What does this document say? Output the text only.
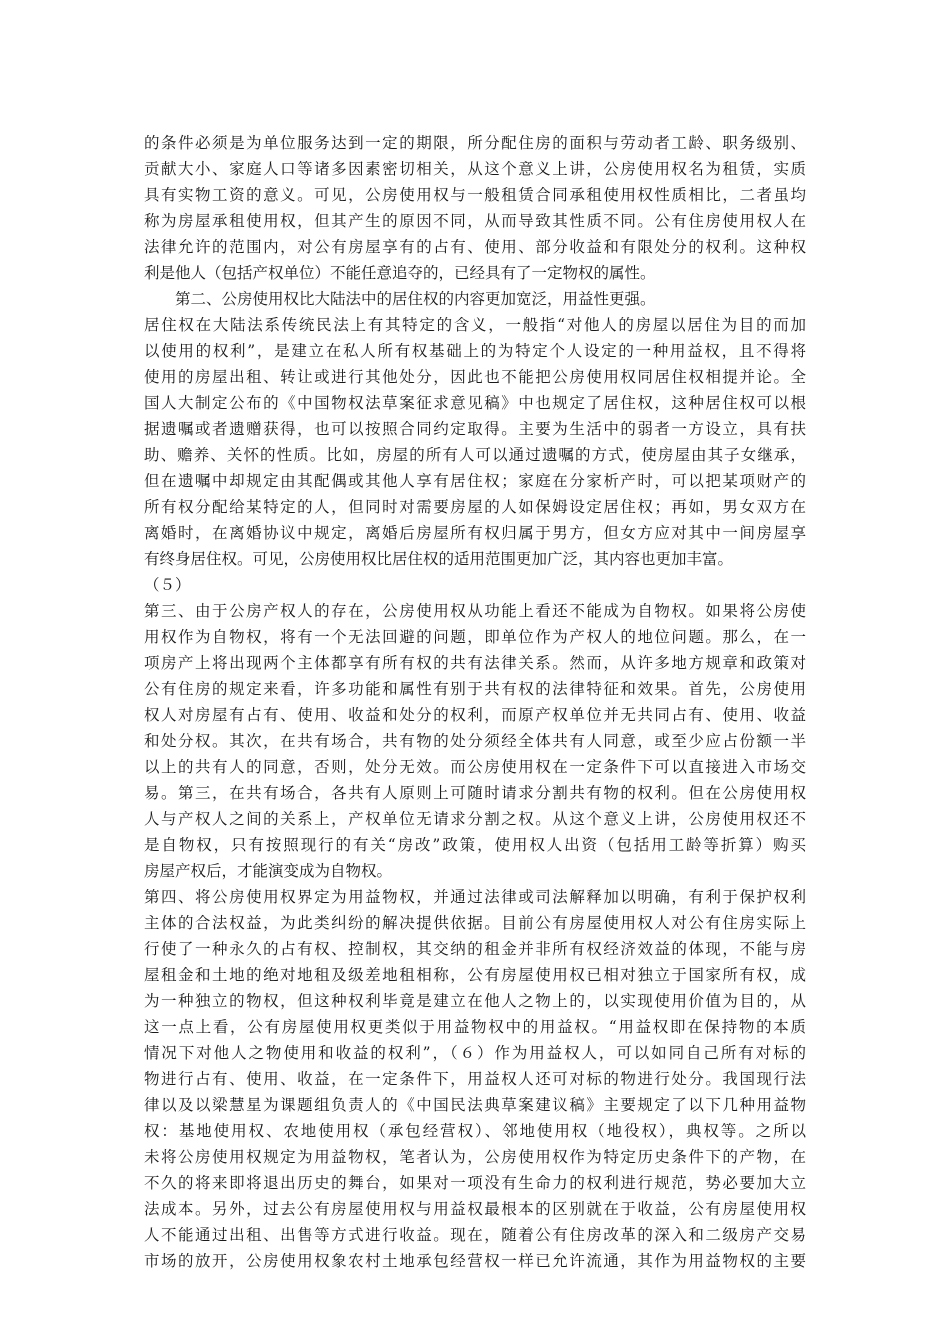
的条件必须是为单位服务达到一定的期限，所分配住房的面积与劳动者工龄、职务级别、
贡献大小、家庭人口等诸多因素密切相关，从这个意义上讲，公房使用权名为租赁，实质
具有实物工资的意义。可见，公房使用权与一般租赁合同承租使用权性质相比，二者虽均
称为房屋承租使用权，但其产生的原因不同，从而导致其性质不同。公有住房使用权人在
法律允许的范围内，对公有房屋享有的占有、使用、部分收益和有限处分的权利。这种权
利是他人（包括产权单位）不能任意追夺的，已经具有了一定物权的属性。
第二、公房使用权比大陆法中的居住权的内容更加宽泛，用益性更强。
居住权在大陆法系传统民法上有其特定的含义，一般指“对他人的房屋以居住为目的而加
以使用的权利”，是建立在私人所有权基础上的为特定个人设定的一种用益权，且不得将
使用的房屋出租、转让或进行其他处分，因此也不能把公房使用权同居住权相提并论。全
国人大制定公布的《中国物权法草案征求意见稿》中也规定了居住权，这种居住权可以根
据遗嘱或者遗赠获得，也可以按照合同约定取得。主要为生活中的弱者一方设立，具有扶
助、赡养、关怀的性质。比如，房屋的所有人可以通过遗嘱的方式，使房屋由其子女继承，
但在遗嘱中却规定由其配偶或其他人享有居住权；家庭在分家析产时，可以把某项财产的
所有权分配给某特定的人，但同时对需要房屋的人如保姆设定居住权；再如，男女双方在
离婚时，在离婚协议中规定，离婚后房屋所有权归属于男方，但女方应对其中一间房屋享
有终身居住权。可见，公房使用权比居住权的适用范围更加广泛，其内容也更加丰富。
（５）
第三、由于公房产权人的存在，公房使用权从功能上看还不能成为自物权。如果将公房使
用权作为自物权，将有一个无法回避的问题，即单位作为产权人的地位问题。那么，在一
项房产上将出现两个主体都享有所有权的共有法律关系。然而，从许多地方规章和政策对
公有住房的规定来看，许多功能和属性有别于共有权的法律特征和效果。首先，公房使用
权人对房屋有占有、使用、收益和处分的权利，而原产权单位并无共同占有、使用、收益
和处分权。其次，在共有场合，共有物的处分须经全体共有人同意，或至少应占份额一半
以上的共有人的同意，否则，处分无效。而公房使用权在一定条件下可以直接进入市场交
易。第三，在共有场合，各共有人原则上可随时请求分割共有物的权利。但在公房使用权
人与产权人之间的关系上，产权单位无请求分割之权。从这个意义上讲，公房使用权还不
是自物权，只有按照现行的有关“房改”政策，使用权人出资（包括用工龄等折算）购买
房屋产权后，才能演变成为自物权。
第四、将公房使用权界定为用益物权，并通过法律或司法解释加以明确，有利于保护权利
主体的合法权益，为此类纠纷的解决提供依据。目前公有房屋使用权人对公有住房实际上
行使了一种永久的占有权、控制权，其交纳的租金并非所有权经济效益的体现，不能与房
屋租金和土地的绝对地租及级差地租相称，公有房屋使用权已相对独立于国家所有权，成
为一种独立的物权，但这种权利毕竟是建立在他人之物上的，以实现使用价值为目的，从
这一点上看，公有房屋使用权更类似于用益物权中的用益权。“用益权即在保持物的本质
情况下对他人之物使用和收益的权利”，（６）作为用益权人，可以如同自己所有对标的
物进行占有、使用、收益，在一定条件下，用益权人还可对标的物进行处分。我国现行法
律以及以梁慧星为课题组负责人的《中国民法典草案建议稿》主要规定了以下几种用益物
权：基地使用权、农地使用权（承包经营权）、邻地使用权（地役权），典权等。之所以
未将公房使用权规定为用益物权，笔者认为，公房使用权作为特定历史条件下的产物，在
不久的将来即将退出历史的舞台，如果对一项没有生命力的权利进行规范，势必要加大立
法成本。另外，过去公有房屋使用权与用益权最根本的区别就在于收益，公有房屋使用权
人不能通过出租、出售等方式进行收益。现在，随着公有住房改革的深入和二级房产交易
市场的放开，公房使用权象农村土地承包经营权一样已允许流通，其作为用益物权的主要
